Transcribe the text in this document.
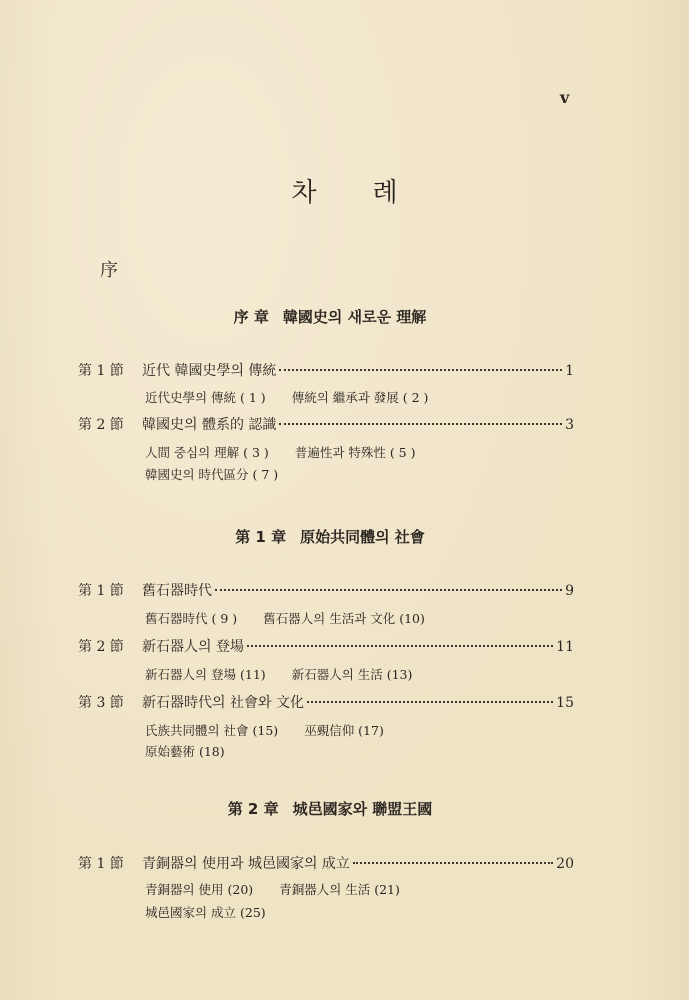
v
차례
序
序 章 韓國史의 새로운 理解
第 1 節	近代 韓國史學의 傳統	1
近代史學의 傳統 ( 1 ) 傳統의 繼承과 發展 ( 2 )
第 2 節	韓國史의 體系的 認識	3
人間 중심의 理解 ( 3 ) 普遍性과 特殊性 ( 5 )
韓國史의 時代區分 ( 7 )
第 1 章 原始共同體의 社會
第 1 節	舊石器時代	9
舊石器時代 ( 9 ) 舊石器人의 生活과 文化 (10)
第 2 節	新石器人의 登場	11
新石器人의 登場 (11) 新石器人의 生活 (13)
第 3 節	新石器時代의 社會와 文化	15
氏族共同體의 社會 (15) 巫覡信仰 (17)
原始藝術 (18)
第 2 章 城邑國家와 聯盟王國
第 1 節	青銅器의 使用과 城邑國家의 成立	20
青銅器의 使用 (20) 青銅器人의 生活 (21)
城邑國家의 成立 (25)
